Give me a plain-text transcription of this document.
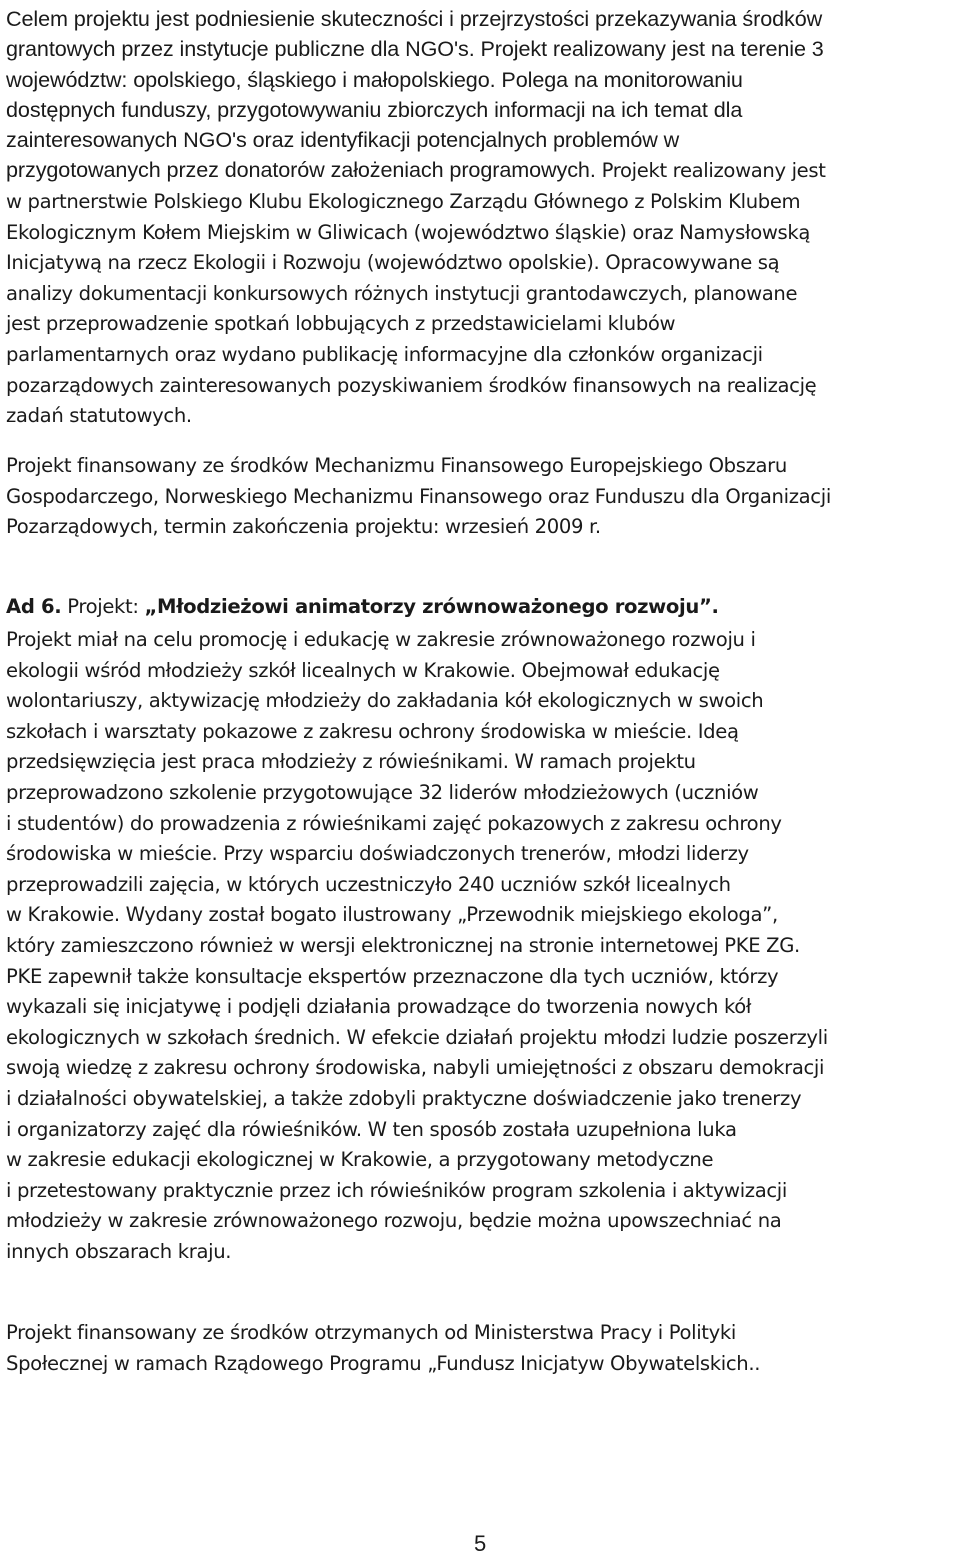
Celem projektu jest podniesienie skuteczności i przejrzystości przekazywania środków
grantowych przez instytucje publiczne dla NGO's. Projekt realizowany jest na terenie 3
województw: opolskiego, śląskiego i małopolskiego. Polega na monitorowaniu
dostępnych funduszy, przygotowywaniu zbiorczych informacji na ich temat dla
zainteresowanych NGO's oraz identyfikacji potencjalnych problemów w
przygotowanych przez donatorów założeniach programowych. Projekt realizowany jest
w partnerstwie Polskiego Klubu Ekologicznego Zarządu Głównego z Polskim Klubem
Ekologicznym Kołem Miejskim w Gliwicach (województwo śląskie) oraz Namysłowską
Inicjatywą na rzecz Ekologii i Rozwoju (województwo opolskie). Opracowywane są
analizy dokumentacji konkursowych różnych instytucji grantodawczych, planowane
jest przeprowadzenie spotkań lobbujących z przedstawicielami klubów
parlamentarnych oraz wydano publikację informacyjne dla członków organizacji
pozarządowych zainteresowanych pozyskiwaniem środków finansowych na realizację
zadań statutowych.
Projekt finansowany ze środków Mechanizmu Finansowego Europejskiego Obszaru
Gospodarczego, Norweskiego Mechanizmu Finansowego oraz Funduszu dla Organizacji
Pozarządowych, termin zakończenia projektu: wrzesień 2009 r.
Ad 6. Projekt: „Młodzieżowi animatorzy zrównoważonego rozwoju”.
Projekt miał na celu promocję i edukację w zakresie zrównoważonego rozwoju i
ekologii wśród młodzieży szkół licealnych w Krakowie. Obejmował edukację
wolontariuszy, aktywizację młodzieży do zakładania kół ekologicznych w swoich
szkołach i warsztaty pokazowe z zakresu ochrony środowiska w mieście. Ideą
przedsięwzięcia jest praca młodzieży z rówieśnikami. W ramach projektu
przeprowadzono szkolenie przygotowujące 32 liderów młodzieżowych (uczniów
i studentów) do prowadzenia z rówieśnikami zajęć pokazowych z zakresu ochrony
środowiska w mieście. Przy wsparciu doświadczonych trenerów, młodzi liderzy
przeprowadzili zajęcia, w których uczestniczyło 240 uczniów szkół licealnych
w Krakowie. Wydany został bogato ilustrowany „Przewodnik miejskiego ekologa”,
który zamieszczono również w wersji elektronicznej na stronie internetowej PKE ZG.
PKE zapewnił także konsultacje ekspertów przeznaczone dla tych uczniów, którzy
wykazali się inicjatywę i podjęli działania prowadzące do tworzenia nowych kół
ekologicznych w szkołach średnich. W efekcie działań projektu młodzi ludzie poszerzyli
swoją wiedzę z zakresu ochrony środowiska, nabyli umiejętności z obszaru demokracji
i działalności obywatelskiej, a także zdobyli praktyczne doświadczenie jako trenerzy
i organizatorzy zajęć dla rówieśników. W ten sposób została uzupełniona luka
w zakresie edukacji ekologicznej w Krakowie, a przygotowany metodyczne
i przetestowany praktycznie przez ich rówieśników program szkolenia i aktywizacji
młodzieży w zakresie zrównoważonego rozwoju, będzie można upowszechniać na
innych obszarach kraju.
Projekt finansowany ze środków otrzymanych od Ministerstwa Pracy i Polityki
Społecznej w ramach Rządowego Programu „Fundusz Inicjatyw Obywatelskich..
5
